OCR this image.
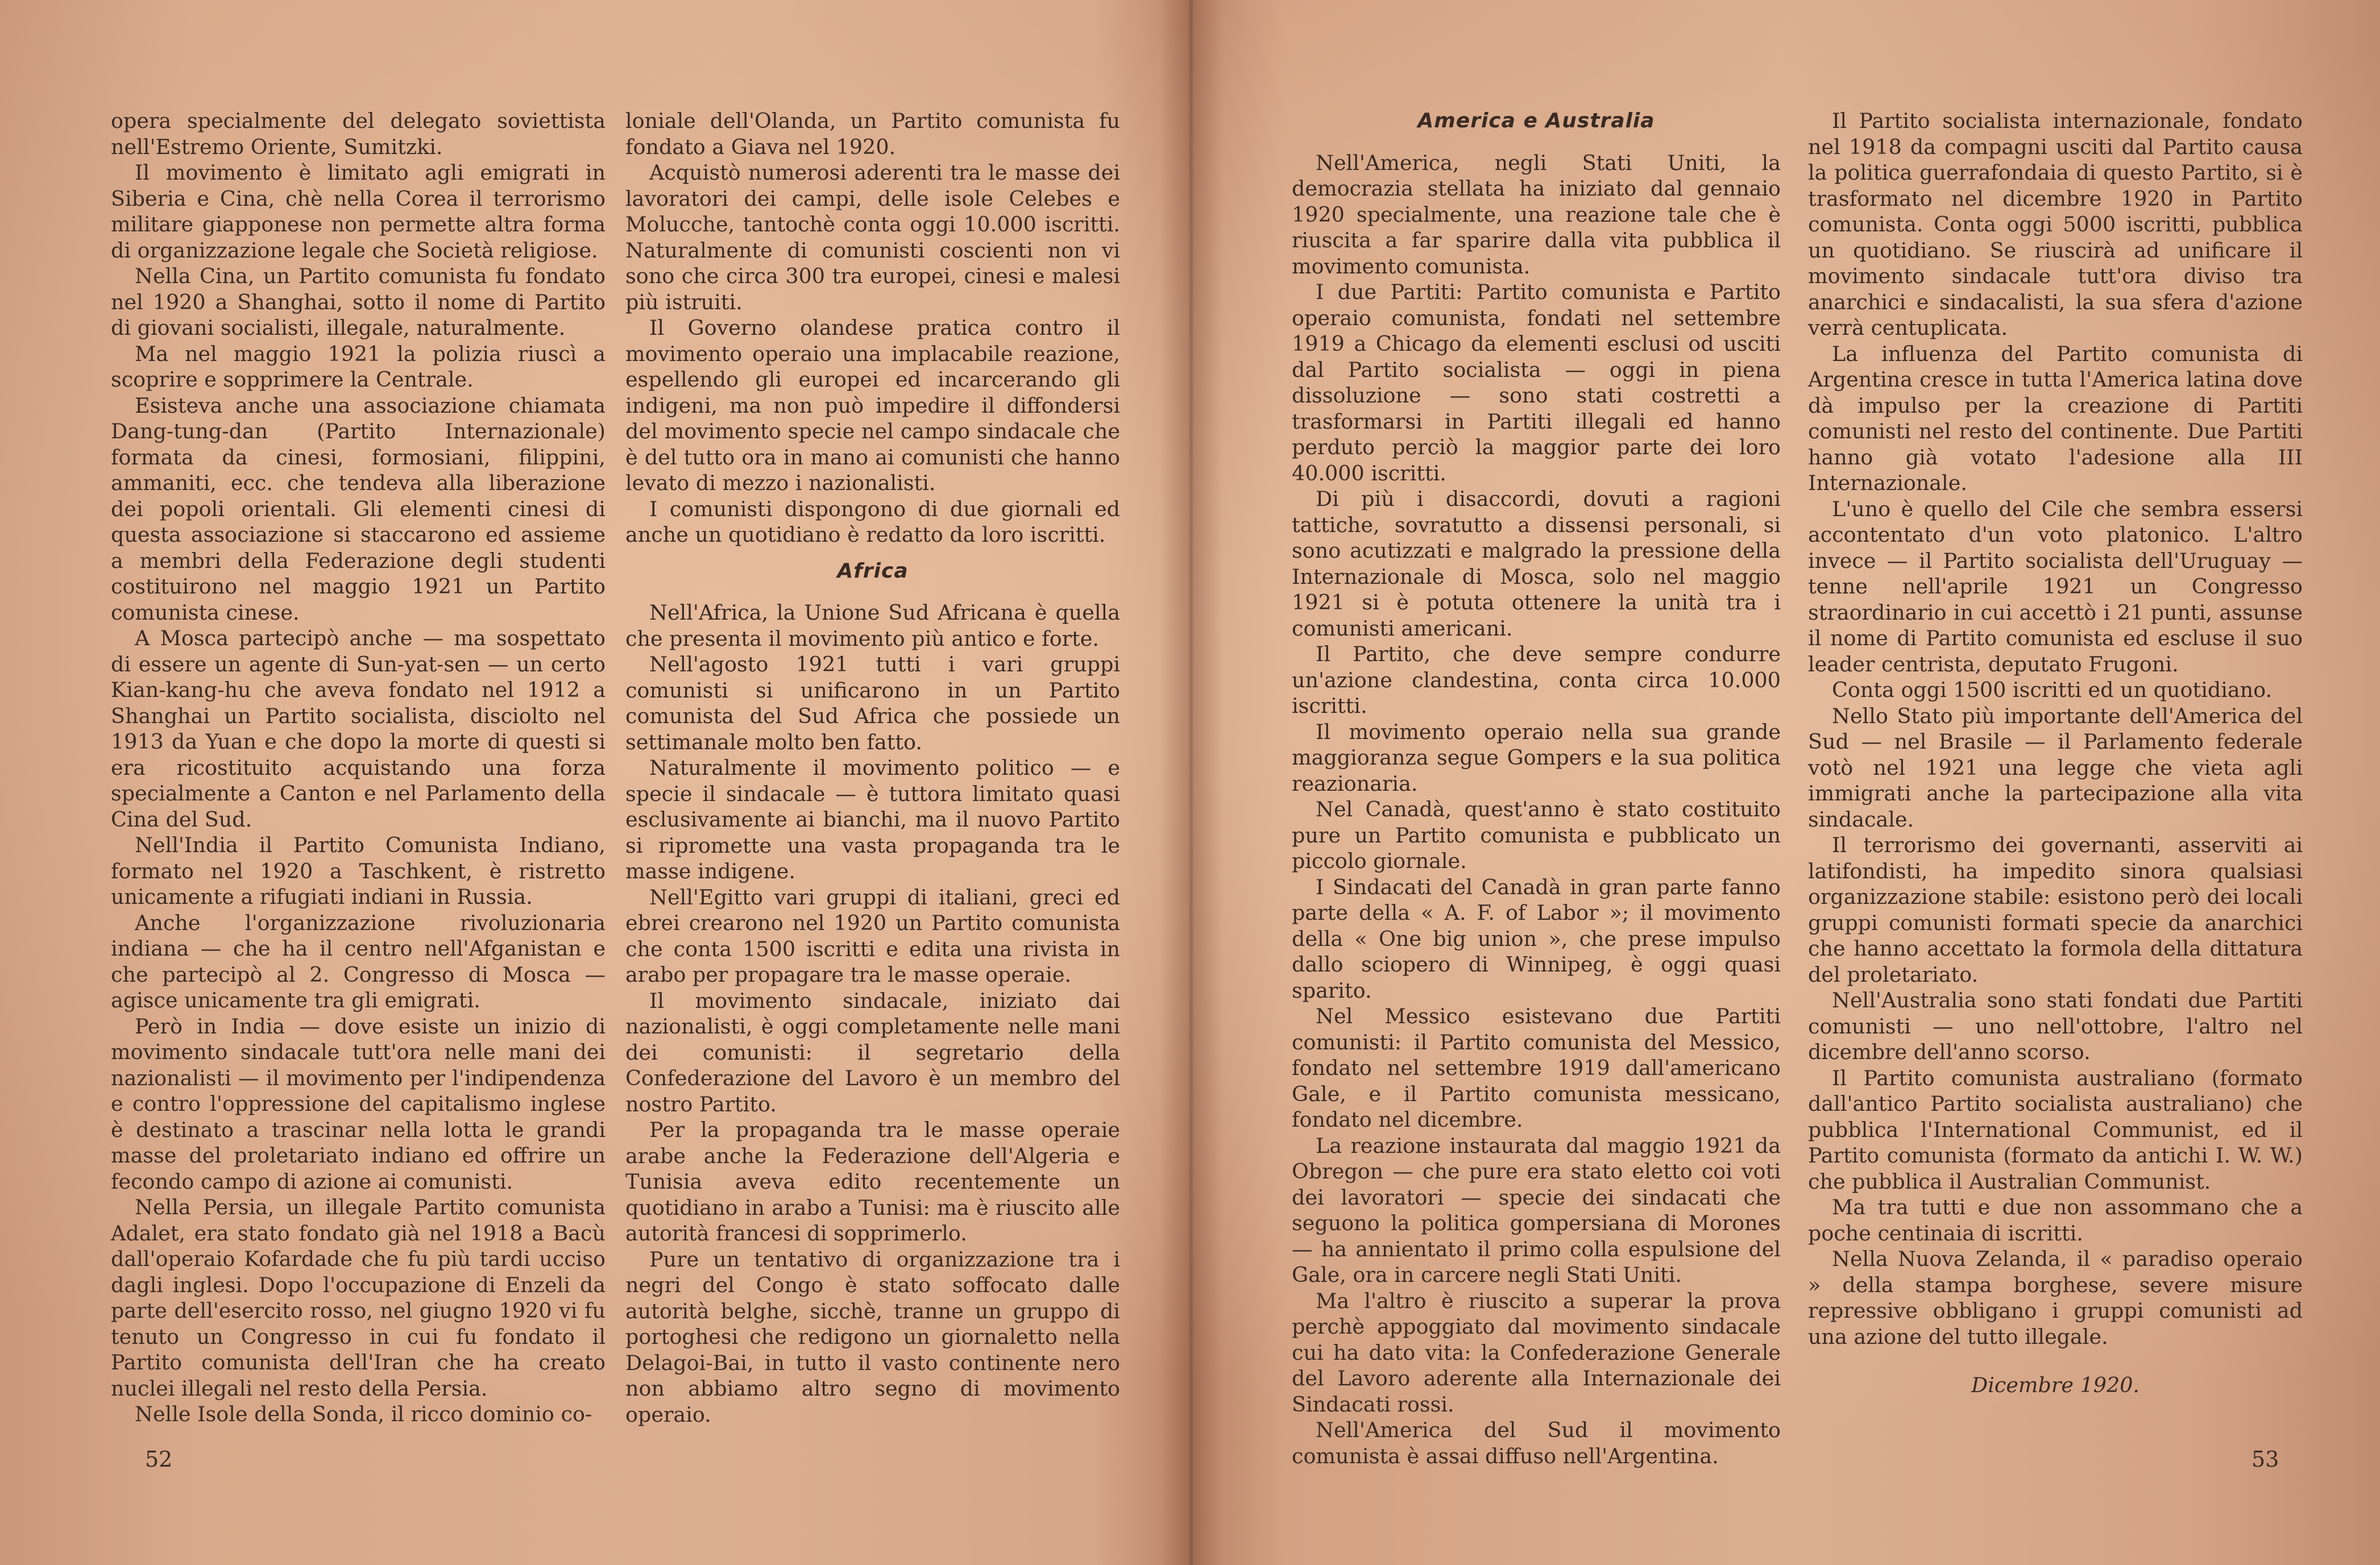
opera specialmente del delegato soviettista nell'Estremo Oriente, Sumitzki.

Il movimento è limitato agli emigrati in Siberia e Cina, chè nella Corea il terrorismo militare giapponese non permette altra forma di organizzazione legale che Società religiose.

Nella Cina, un Partito comunista fu fondato nel 1920 a Shanghai, sotto il nome di Partito di giovani socialisti, illegale, naturalmente.

Ma nel maggio 1921 la polizia riuscì a scoprire e sopprimere la Centrale.

Esisteva anche una associazione chiamata Dang-tung-dan (Partito Internazionale) formata da cinesi, formosiani, filippini, ammaniti, ecc. che tendeva alla liberazione dei popoli orientali. Gli elementi cinesi di questa associazione si staccarono ed assieme a membri della Federazione degli studenti costituirono nel maggio 1921 un Partito comunista cinese.

A Mosca partecipò anche — ma sospettato di essere un agente di Sun-yat-sen — un certo Kian-kang-hu che aveva fondato nel 1912 a Shanghai un Partito socialista, disciolto nel 1913 da Yuan e che dopo la morte di questi si era ricostituito acquistando una forza specialmente a Canton e nel Parlamento della Cina del Sud.

Nell'India il Partito Comunista Indiano, formato nel 1920 a Taschkent, è ristretto unicamente a rifugiati indiani in Russia.

Anche l'organizzazione rivoluzionaria indiana — che ha il centro nell'Afganistan e che partecipò al 2. Congresso di Mosca — agisce unicamente tra gli emigrati.

Però in India — dove esiste un inizio di movimento sindacale tutt'ora nelle mani dei nazionalisti — il movimento per l'indipendenza e contro l'oppressione del capitalismo inglese è destinato a trascinar nella lotta le grandi masse del proletariato indiano ed offrire un fecondo campo di azione ai comunisti.

Nella Persia, un illegale Partito comunista Adalet, era stato fondato già nel 1918 a Bacù dall'operaio Kofardade che fu più tardi ucciso dagli inglesi. Dopo l'occupazione di Enzeli da parte dell'esercito rosso, nel giugno 1920 vi fu tenuto un Congresso in cui fu fondato il Partito comunista dell'Iran che ha creato nuclei illegali nel resto della Persia.

Nelle Isole della Sonda, il ricco dominio co-

loniale dell'Olanda, un Partito comunista fu fondato a Giava nel 1920.

Acquistò numerosi aderenti tra le masse dei lavoratori dei campi, delle isole Celebes e Molucche, tantochè conta oggi 10.000 iscritti. Naturalmente di comunisti coscienti non vi sono che circa 300 tra europei, cinesi e malesi più istruiti.

Il Governo olandese pratica contro il movimento operaio una implacabile reazione, espellendo gli europei ed incarcerando gli indigeni, ma non può impedire il diffondersi del movimento specie nel campo sindacale che è del tutto ora in mano ai comunisti che hanno levato di mezzo i nazionalisti.

I comunisti dispongono di due giornali ed anche un quotidiano è redatto da loro iscritti.

Africa

Nell'Africa, la Unione Sud Africana è quella che presenta il movimento più antico e forte.

Nell'agosto 1921 tutti i vari gruppi comunisti si unificarono in un Partito comunista del Sud Africa che possiede un settimanale molto ben fatto.

Naturalmente il movimento politico — e specie il sindacale — è tuttora limitato quasi esclusivamente ai bianchi, ma il nuovo Partito si ripromette una vasta propaganda tra le masse indigene.

Nell'Egitto vari gruppi di italiani, greci ed ebrei crearono nel 1920 un Partito comunista che conta 1500 iscritti e edita una rivista in arabo per propagare tra le masse operaie.

Il movimento sindacale, iniziato dai nazionalisti, è oggi completamente nelle mani dei comunisti: il segretario della Confederazione del Lavoro è un membro del nostro Partito.

Per la propaganda tra le masse operaie arabe anche la Federazione dell'Algeria e Tunisia aveva edito recentemente un quotidiano in arabo a Tunisi: ma è riuscito alle autorità francesi di sopprimerlo.

Pure un tentativo di organizzazione tra i negri del Congo è stato soffocato dalle autorità belghe, sicchè, tranne un gruppo di portoghesi che redigono un giornaletto nella Delagoi-Bai, in tutto il vasto continente nero non abbiamo altro segno di movimento operaio.

52

America e Australia

Nell'America, negli Stati Uniti, la democrazia stellata ha iniziato dal gennaio 1920 specialmente, una reazione tale che è riuscita a far sparire dalla vita pubblica il movimento comunista.

I due Partiti: Partito comunista e Partito operaio comunista, fondati nel settembre 1919 a Chicago da elementi esclusi od usciti dal Partito socialista — oggi in piena dissoluzione — sono stati costretti a trasformarsi in Partiti illegali ed hanno perduto perciò la maggior parte dei loro 40.000 iscritti.

Di più i disaccordi, dovuti a ragioni tattiche, sovratutto a dissensi personali, si sono acutizzati e malgrado la pressione della Internazionale di Mosca, solo nel maggio 1921 si è potuta ottenere la unità tra i comunisti americani.

Il Partito, che deve sempre condurre un'azione clandestina, conta circa 10.000 iscritti.

Il movimento operaio nella sua grande maggioranza segue Gompers e la sua politica reazionaria.

Nel Canadà, quest'anno è stato costituito pure un Partito comunista e pubblicato un piccolo giornale.

I Sindacati del Canadà in gran parte fanno parte della « A. F. of Labor »; il movimento della « One big union », che prese impulso dallo sciopero di Winnipeg, è oggi quasi sparito.

Nel Messico esistevano due Partiti comunisti: il Partito comunista del Messico, fondato nel settembre 1919 dall'americano Gale, e il Partito comunista messicano, fondato nel dicembre.

La reazione instaurata dal maggio 1921 da Obregon — che pure era stato eletto coi voti dei lavoratori — specie dei sindacati che seguono la politica gompersiana di Morones — ha annientato il primo colla espulsione del Gale, ora in carcere negli Stati Uniti.

Ma l'altro è riuscito a superar la prova perchè appoggiato dal movimento sindacale cui ha dato vita: la Confederazione Generale del Lavoro aderente alla Internazionale dei Sindacati rossi.

Nell'America del Sud il movimento comunista è assai diffuso nell'Argentina.

Il Partito socialista internazionale, fondato nel 1918 da compagni usciti dal Partito causa la politica guerrafondaia di questo Partito, si è trasformato nel dicembre 1920 in Partito comunista. Conta oggi 5000 iscritti, pubblica un quotidiano. Se riuscirà ad unificare il movimento sindacale tutt'ora diviso tra anarchici e sindacalisti, la sua sfera d'azione verrà centuplicata.

La influenza del Partito comunista di Argentina cresce in tutta l'America latina dove dà impulso per la creazione di Partiti comunisti nel resto del continente. Due Partiti hanno già votato l'adesione alla III Internazionale.

L'uno è quello del Cile che sembra essersi accontentato d'un voto platonico. L'altro invece — il Partito socialista dell'Uruguay — tenne nell'aprile 1921 un Congresso straordinario in cui accettò i 21 punti, assunse il nome di Partito comunista ed escluse il suo leader centrista, deputato Frugoni.

Conta oggi 1500 iscritti ed un quotidiano.

Nello Stato più importante dell'America del Sud — nel Brasile — il Parlamento federale votò nel 1921 una legge che vieta agli immigrati anche la partecipazione alla vita sindacale.

Il terrorismo dei governanti, asserviti ai latifondisti, ha impedito sinora qualsiasi organizzazione stabile: esistono però dei locali gruppi comunisti formati specie da anarchici che hanno accettato la formola della dittatura del proletariato.

Nell'Australia sono stati fondati due Partiti comunisti — uno nell'ottobre, l'altro nel dicembre dell'anno scorso.

Il Partito comunista australiano (formato dall'antico Partito socialista australiano) che pubblica l'International Communist, ed il Partito comunista (formato da antichi I. W. W.) che pubblica il Australian Communist.

Ma tra tutti e due non assommano che a poche centinaia di iscritti.

Nella Nuova Zelanda, il « paradiso operaio » della stampa borghese, severe misure repressive obbligano i gruppi comunisti ad una azione del tutto illegale.

Dicembre 1920.

53
